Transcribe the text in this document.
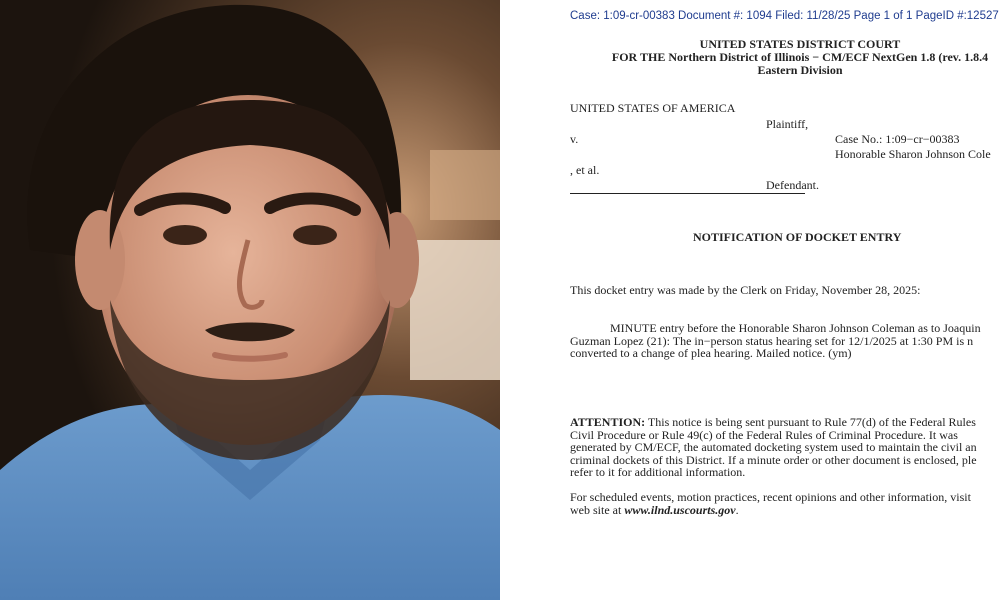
Case: 1:09-cr-00383 Document #: 1094 Filed: 11/28/25 Page 1 of 1 PageID #:12527
UNITED STATES DISTRICT COURT
FOR THE Northern District of Illinois − CM/ECF NextGen 1.8 (rev. 1.8.4
Eastern Division
UNITED STATES OF AMERICA
Plaintiff,
v.	Case No.: 1:09−cr−00383
Honorable Sharon Johnson Cole
, et al.
Defendant.
NOTIFICATION OF DOCKET ENTRY
This docket entry was made by the Clerk on Friday, November 28, 2025:
MINUTE entry before the Honorable Sharon Johnson Coleman as to Joaquin
Guzman Lopez (21): The in−person status hearing set for 12/1/2025 at 1:30 PM is n
converted to a change of plea hearing. Mailed notice. (ym)
ATTENTION: This notice is being sent pursuant to Rule 77(d) of the Federal Rules
Civil Procedure or Rule 49(c) of the Federal Rules of Criminal Procedure. It was
generated by CM/ECF, the automated docketing system used to maintain the civil an
criminal dockets of this District. If a minute order or other document is enclosed, ple
refer to it for additional information.
For scheduled events, motion practices, recent opinions and other information, visit
web site at www.ilnd.uscourts.gov.
